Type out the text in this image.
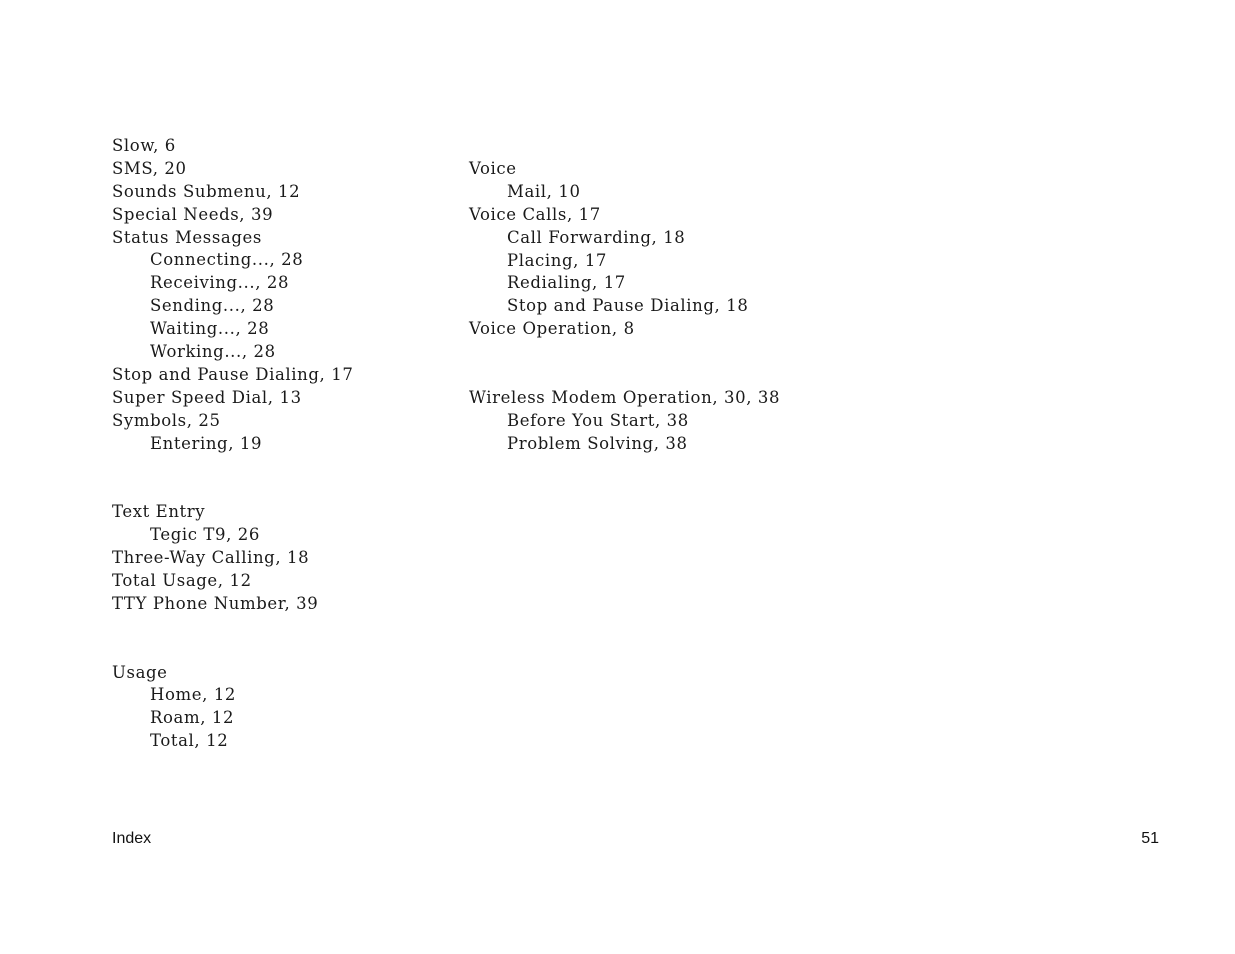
Slow, 6
SMS, 20
Sounds Submenu, 12
Special Needs, 39
Status Messages
Connecting..., 28
Receiving..., 28
Sending..., 28
Waiting..., 28
Working..., 28
Stop and Pause Dialing, 17
Super Speed Dial, 13
Symbols, 25
Entering, 19
Text Entry
Tegic T9, 26
Three-Way Calling, 18
Total Usage, 12
TTY Phone Number, 39
Usage
Home, 12
Roam, 12
Total, 12
Voice
Mail, 10
Voice Calls, 17
Call Forwarding, 18
Placing, 17
Redialing, 17
Stop and Pause Dialing, 18
Voice Operation, 8
Wireless Modem Operation, 30, 38
Before You Start, 38
Problem Solving, 38
Index	51
